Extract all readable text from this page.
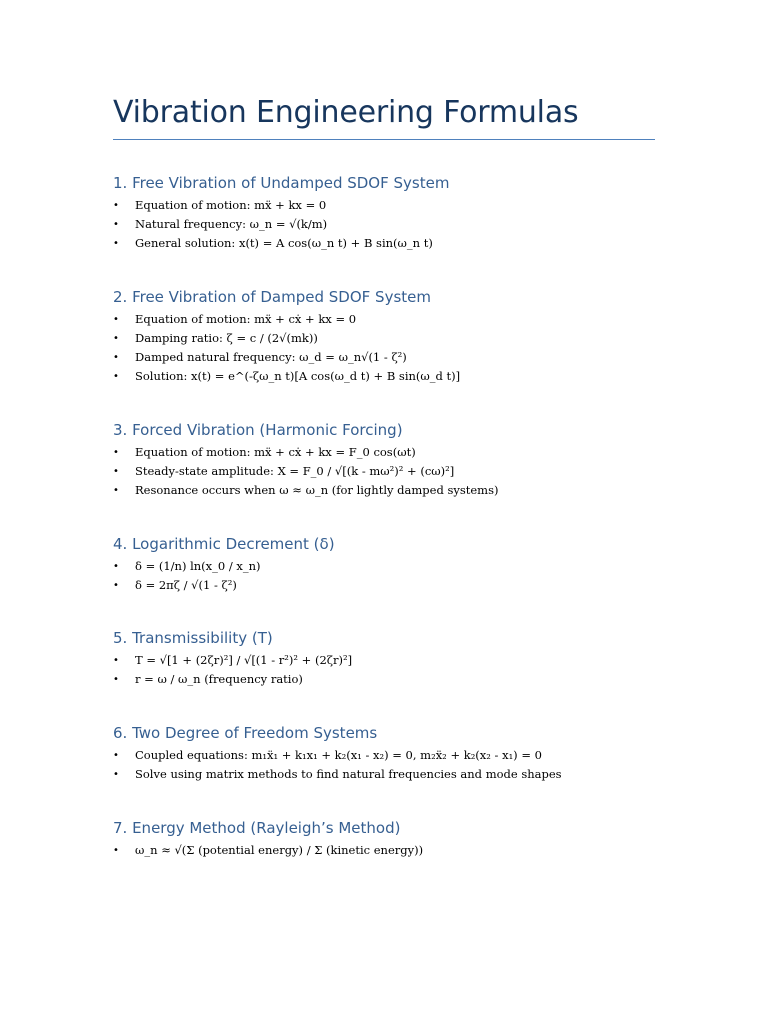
Vibration Engineering Formulas
1. Free Vibration of Undamped SDOF System
• Equation of motion: mẍ + kx = 0
• Natural frequency: ω_n = √(k/m)
• General solution: x(t) = A cos(ω_n t) + B sin(ω_n t)
2. Free Vibration of Damped SDOF System
• Equation of motion: mẍ + cẋ + kx = 0
• Damping ratio: ζ = c / (2√(mk))
• Damped natural frequency: ω_d = ω_n√(1 - ζ²)
• Solution: x(t) = e^(-ζω_n t)[A cos(ω_d t) + B sin(ω_d t)]
3. Forced Vibration (Harmonic Forcing)
• Equation of motion: mẍ + cẋ + kx = F_0 cos(ωt)
• Steady-state amplitude: X = F_0 / √[(k - mω²)² + (cω)²]
• Resonance occurs when ω ≈ ω_n (for lightly damped systems)
4. Logarithmic Decrement (δ)
• δ = (1/n) ln(x_0 / x_n)
• δ = 2πζ / √(1 - ζ²)
5. Transmissibility (T)
• T = √[1 + (2ζr)²] / √[(1 - r²)² + (2ζr)²]
• r = ω / ω_n (frequency ratio)
6. Two Degree of Freedom Systems
• Coupled equations: m₁ẍ₁ + k₁x₁ + k₂(x₁ - x₂) = 0, m₂ẍ₂ + k₂(x₂ - x₁) = 0
• Solve using matrix methods to find natural frequencies and mode shapes
7. Energy Method (Rayleigh’s Method)
• ω_n ≈ √(Σ (potential energy) / Σ (kinetic energy))
